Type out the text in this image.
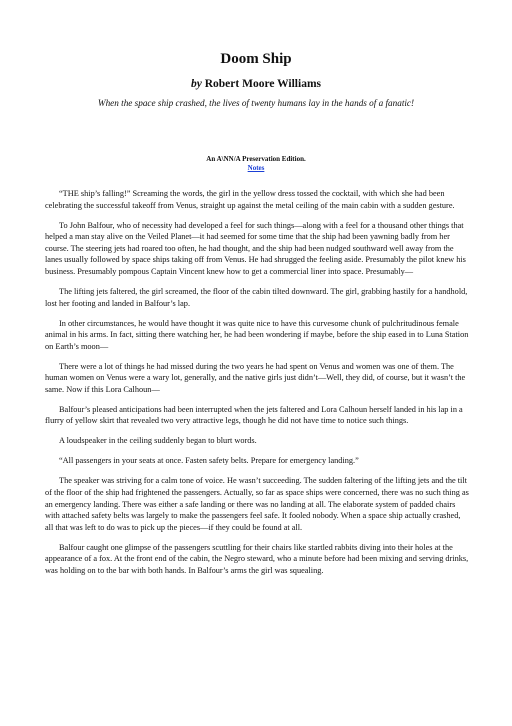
Doom Ship
by Robert Moore Williams
When the space ship crashed, the lives of twenty humans lay in the hands of a fanatic!
An A\NN/A Preservation Edition.
Notes

“THE ship’s falling!” Screaming the words, the girl in the yellow dress tossed the cocktail, with which she had been celebrating the successful takeoff from Venus, straight up against the metal ceiling of the main cabin with a sudden gesture.

To John Balfour, who of necessity had developed a feel for such things—along with a feel for a thousand other things that helped a man stay alive on the Veiled Planet—it had seemed for some time that the ship had been yawning badly from her course. The steering jets had roared too often, he had thought, and the ship had been nudged southward well away from the lanes usually followed by space ships taking off from Venus. He had shrugged the feeling aside. Presumably the pilot knew his business. Presumably pompous Captain Vincent knew how to get a commercial liner into space. Presumably—

The lifting jets faltered, the girl screamed, the floor of the cabin tilted downward. The girl, grabbing hastily for a handhold, lost her footing and landed in Balfour’s lap.

In other circumstances, he would have thought it was quite nice to have this curvesome chunk of pulchritudinous female animal in his arms. In fact, sitting there watching her, he had been wondering if maybe, before the ship eased in to Luna Station on Earth’s moon—

There were a lot of things he had missed during the two years he had spent on Venus and women was one of them. The human women on Venus were a wary lot, generally, and the native girls just didn’t—Well, they did, of course, but it wasn’t the same. Now if this Lora Calhoun—

Balfour’s pleased anticipations had been interrupted when the jets faltered and Lora Calhoun herself landed in his lap in a flurry of yellow skirt that revealed two very attractive legs, though he did not have time to notice such things.

A loudspeaker in the ceiling suddenly began to blurt words.

“All passengers in your seats at once. Fasten safety belts. Prepare for emergency landing.”

The speaker was striving for a calm tone of voice. He wasn’t succeeding. The sudden faltering of the lifting jets and the tilt of the floor of the ship had frightened the passengers. Actually, so far as space ships were concerned, there was no such thing as an emergency landing. There was either a safe landing or there was no landing at all. The elaborate system of padded chairs with attached safety belts was largely to make the passengers feel safe. It fooled nobody. When a space ship actually crashed, all that was left to do was to pick up the pieces—if they could be found at all.

Balfour caught one glimpse of the passengers scuttling for their chairs like startled rabbits diving into their holes at the appearance of a fox. At the front end of the cabin, the Negro steward, who a minute before had been mixing and serving drinks, was holding on to the bar with both hands. In Balfour’s arms the girl was squealing.
